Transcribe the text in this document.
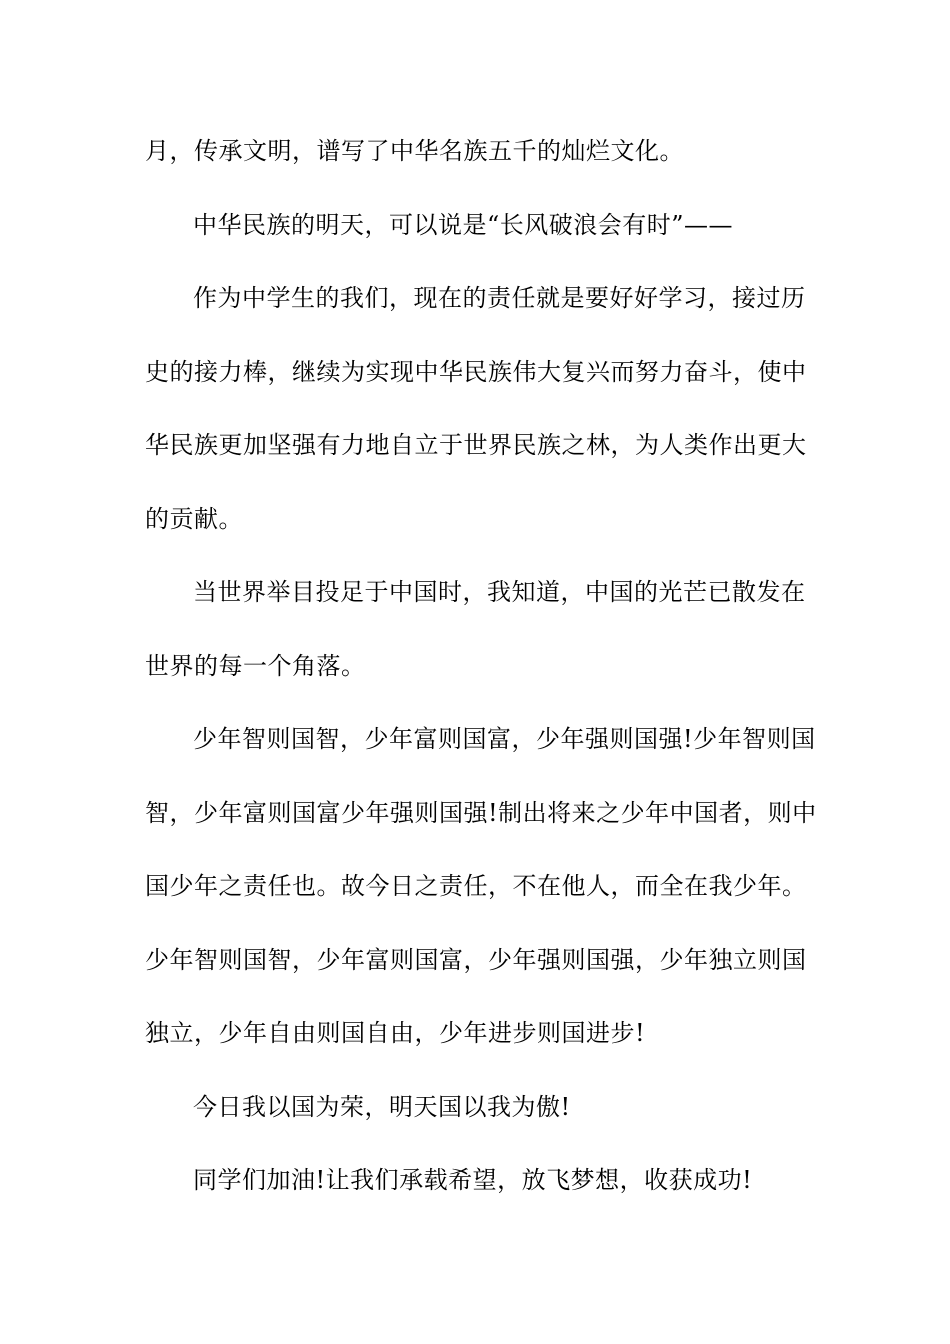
月，传承文明，谱写了中华名族五千的灿烂文化。
中华民族的明天，可以说是“长风破浪会有时”——
作为中学生的我们，现在的责任就是要好好学习，接过历
史的接力棒，继续为实现中华民族伟大复兴而努力奋斗，使中
华民族更加坚强有力地自立于世界民族之林，为人类作出更大
的贡献。
当世界举目投足于中国时，我知道，中国的光芒已散发在
世界的每一个角落。
少年智则国智，少年富则国富，少年强则国强!少年智则国
智，少年富则国富少年强则国强!制出将来之少年中国者，则中
国少年之责任也。故今日之责任，不在他人，而全在我少年。
少年智则国智，少年富则国富，少年强则国强，少年独立则国
独立，少年自由则国自由，少年进步则国进步!
今日我以国为荣，明天国以我为傲!
同学们加油!让我们承载希望，放飞梦想，收获成功!
